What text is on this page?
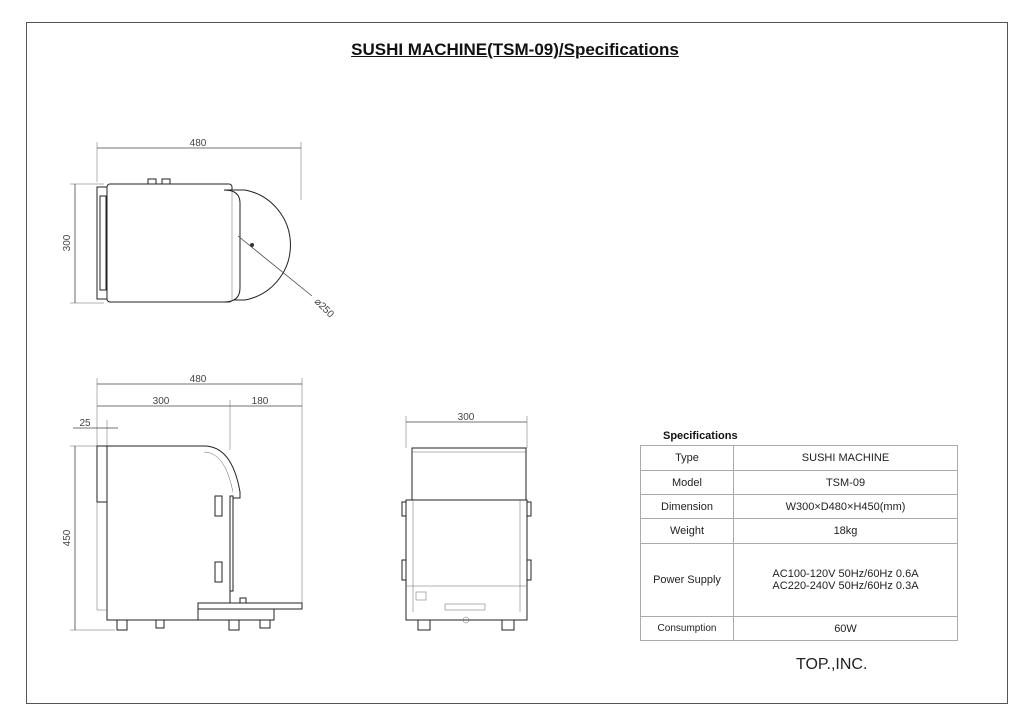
SUSHI MACHINE(TSM-09)/Specifications
480
300
⌀250
480
300	180
25
450
300
Specifications
Type	SUSHI MACHINE
Model	TSM-09
Dimension	W300×D480×H450(mm)
Weight	18kg
Power Supply	AC100-120V 50Hz/60Hz 0.6A
AC220-240V 50Hz/60Hz 0.3A
Consumption	60W
TOP.,INC.
